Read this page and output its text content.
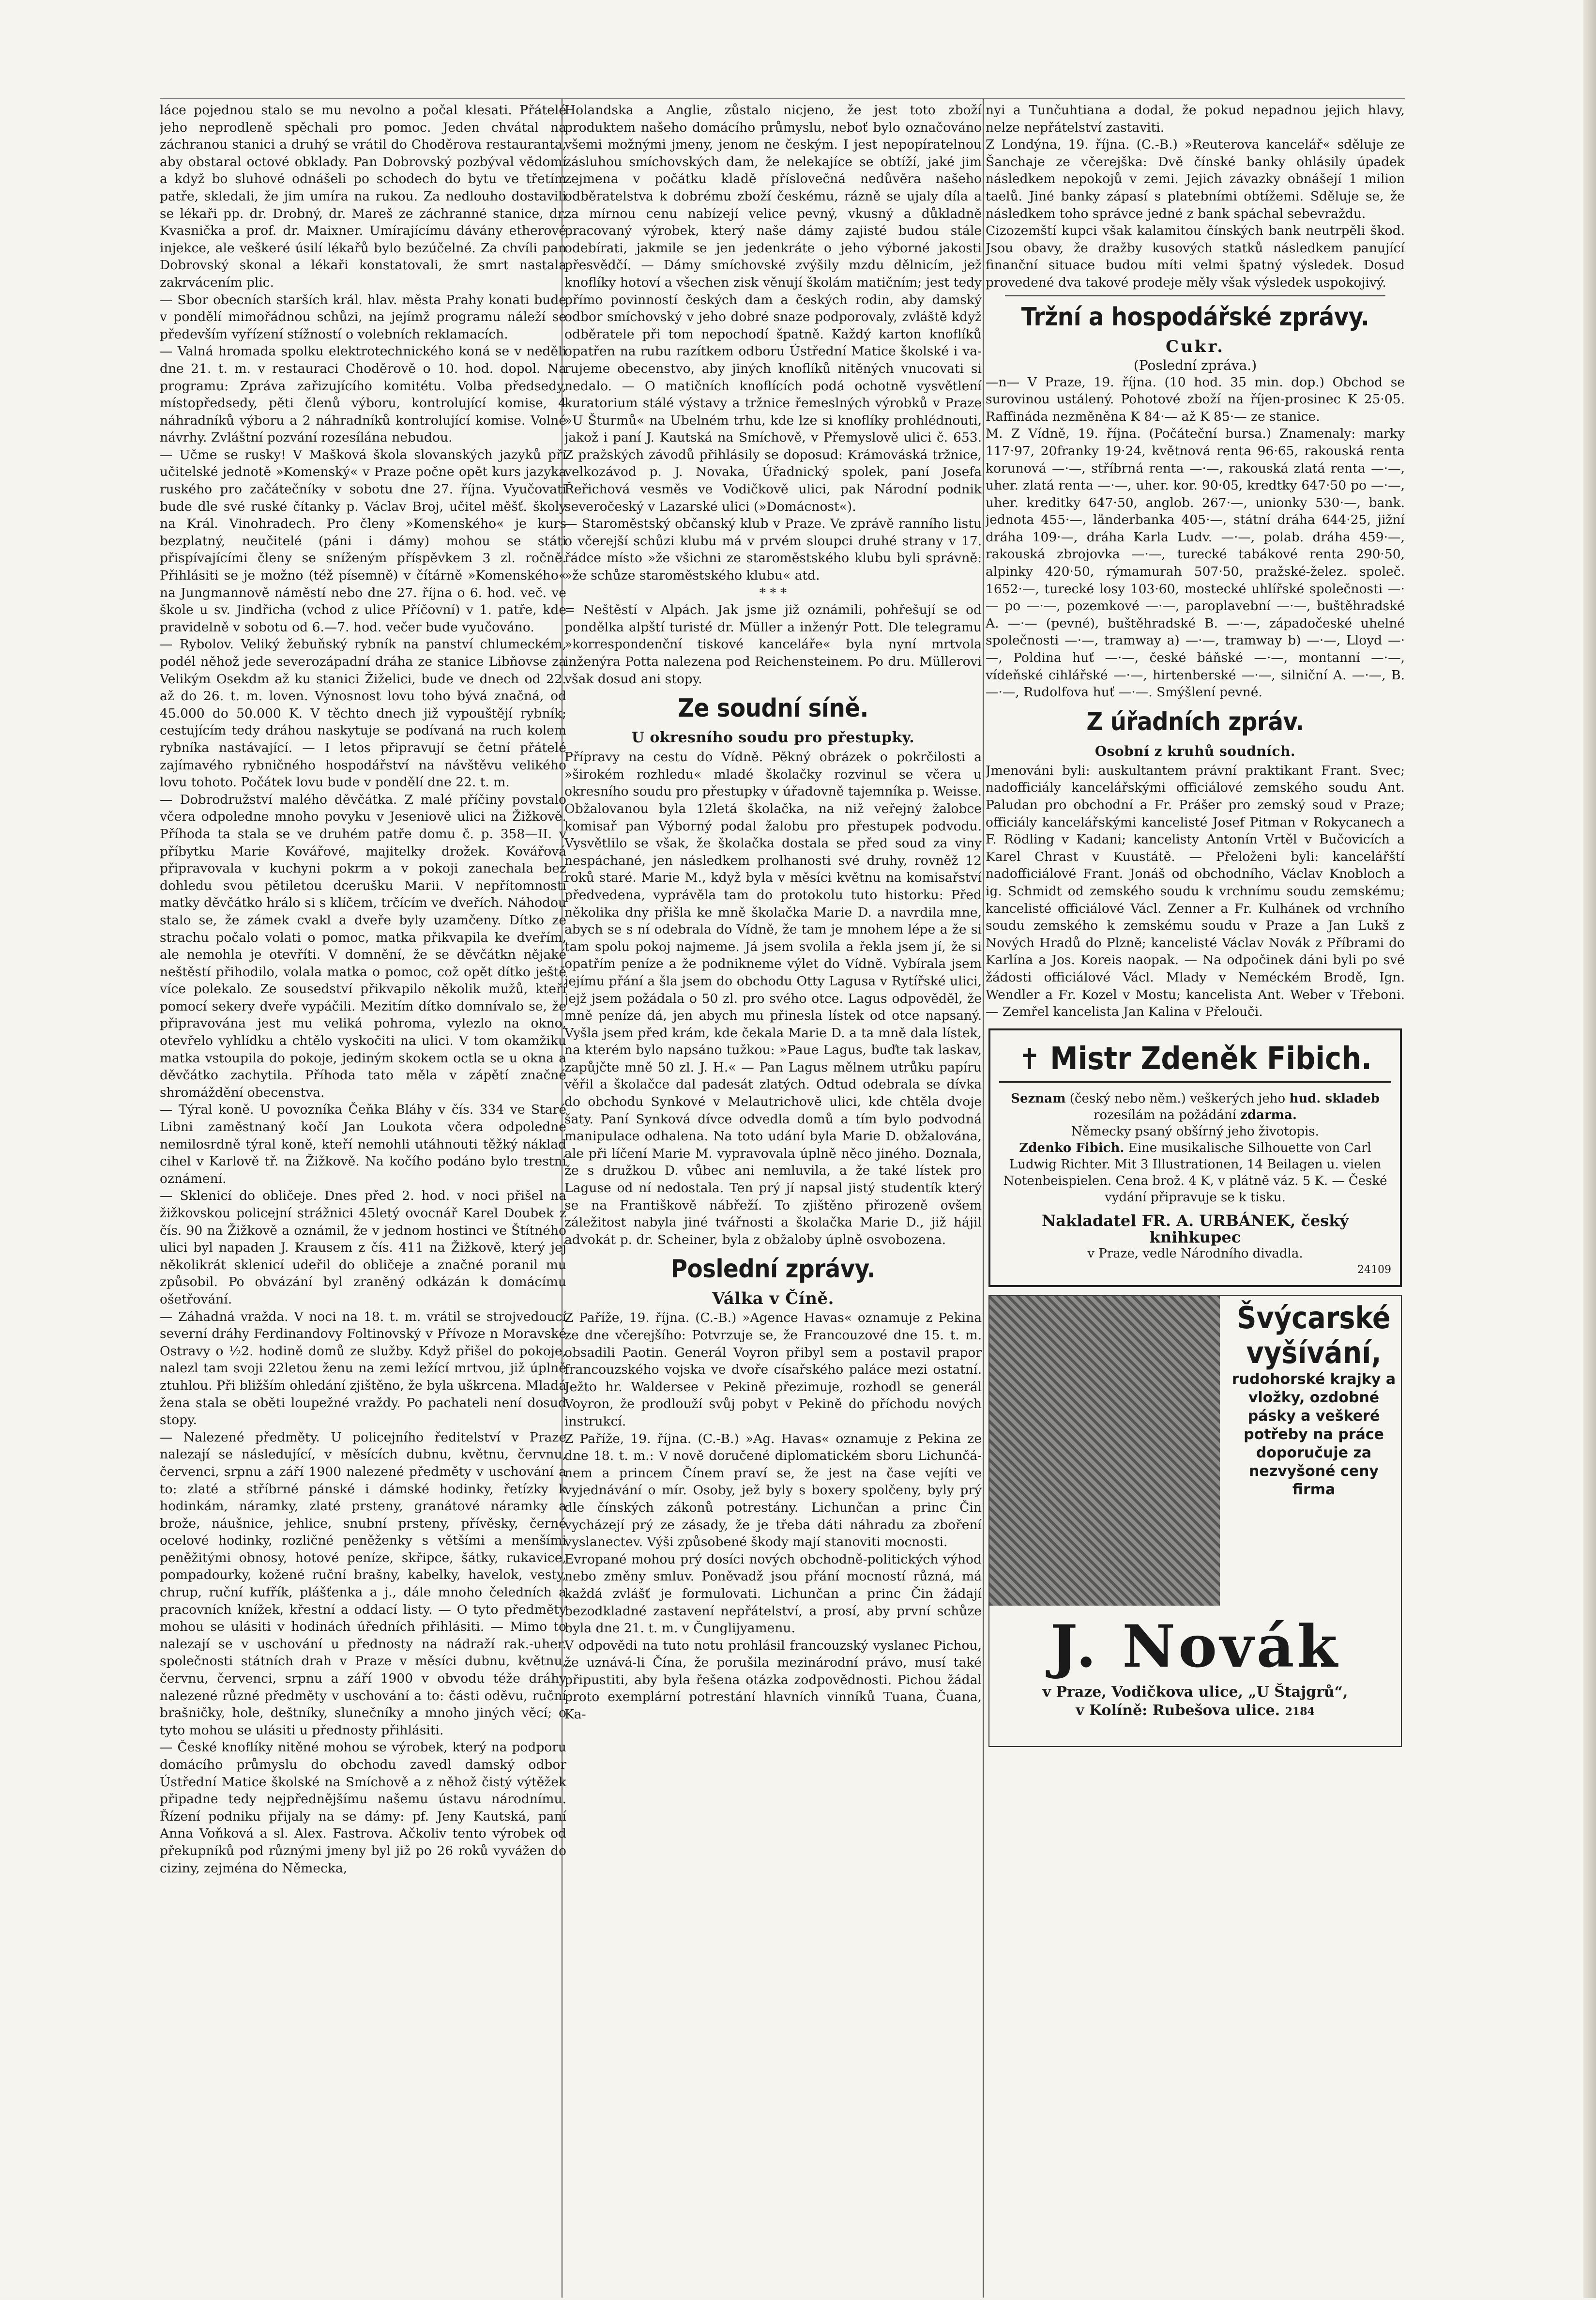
láce pojednou stalo se mu nevolno a počal klesati. Přátelé jeho neprodleně spěchali pro pomoc. Jeden chvátal na záchranou stanici a druhý se vrátil do Choděrova restauranta, aby obstaral octové obklady. Pan Dobrovský pozbýval vědomí a když bo sluhové odnášeli po schodech do bytu ve třetím patře, skledali, že jim umíra na rukou. Za nedlouho dostavili se lékaři pp. dr. Drobný, dr. Mareš ze záchranné stanice, dr. Kvasnička a prof. dr. Maixner. Umírajícímu dávány etherové injekce, ale veškeré úsilí lékařů bylo bezúčelné. Za chvíli pan Dobrovský skonal a lékaři konstatovali, že smrt nastala zakrvácením plic.

— Sbor obecních starších král. hlav. města Prahy konati bude v pondělí mimořádnou schůzi, na jejímž programu náleží se především vyřízení stížností o volebních reklamacích.

— Valná hromada spolku elektrotechnického koná se v neděli dne 21. t. m. v restauraci Choděrově o 10. hod. dopol. Na programu: Zpráva zařizujícího komitétu. Volba předsedy, místopředsedy, pěti členů výboru, kontrolující komise, 4 náhradníků výboru a 2 náhradníků kontrolující komise. Volné návrhy. Zvláštní pozvání rozesílána nebudou.

— Učme se rusky! V Mašková škola slovanských jazyků při učitelské jednotě »Komenský« v Praze počne opět kurs jazyka ruského pro začátečníky v sobotu dne 27. října. Vyučovati bude dle své ruské čítanky p. Václav Broj, učitel měšť. školy na Král. Vinohradech. Pro členy »Komenského« je kurs bezplatný, neučitelé (páni i dámy) mohou se státi přispívajícími členy se sníženým příspěvkem 3 zl. ročně. Přihlásiti se je možno (též písemně) v čítárně »Komenského« na Jungmannově náměstí nebo dne 27. října o 6. hod. več. ve škole u sv. Jindřicha (vchod z ulice Příčovní) v 1. patře, kde pravidelně v sobotu od 6.—7. hod. večer bude vyučováno.

— Rybolov. Veliký žebuňský rybník na panství chlumeckém, podél něhož jede severozápadní dráha ze stanice Libňovse za Velikým Osekdm až ku stanici Žiželici, bude ve dnech od 22. až do 26. t. m. loven. Výnosnost lovu toho bývá značná, od 45.000 do 50.000 K. V těchto dnech již vypouštějí rybník; cestujícím tedy dráhou naskytuje se podívaná na ruch kolem rybníka nastávající. — I letos připravují se četní přátelé zajímavého rybničného hospodářství na návštěvu velikého lovu tohoto. Počátek lovu bude v pondělí dne 22. t. m.

— Dobrodružství malého děvčátka. Z malé příčiny povstalo včera odpoledne mnoho povyku v Jeseniově ulici na Žižkově. Příhoda ta stala se ve druhém patře domu č. p. 358—II. v příbytku Marie Kovářové, majitelky drožek. Kovářová připravovala v kuchyni pokrm a v pokoji zanechala bez dohledu svou pětiletou dcerušku Marii. V nepřítomnosti matky děvčátko hrálo si s klíčem, trčícím ve dveřích. Náhodou stalo se, že zámek cvakl a dveře byly uzamčeny. Dítko ze strachu počalo volati o pomoc, matka přikvapila ke dveřím, ale nemohla je otevříti. V domnění, že se děvčátkn nějaké neštěstí přihodilo, volala matka o pomoc, což opět dítko ještě více polekalo. Ze sousedství přikvapilo několik mužů, kteří pomocí sekery dveře vypáčili. Mezitím dítko domnívalo se, že připravována jest mu veliká pohroma, vylezlo na okno, otevřelo vyhlídku a chtělo vyskočiti na ulici. V tom okamžiku matka vstoupila do pokoje, jediným skokem octla se u okna a děvčátko zachytila. Příhoda tato měla v zápětí značné shromáždění obecenstva.

— Týral koně. U povozníka Čeňka Bláhy v čís. 334 ve Staré Libni zaměstnaný kočí Jan Loukota včera odpoledne nemilosrdně týral koně, kteří nemohli utáhnouti těžký náklad cihel v Karlově tř. na Žižkově. Na kočího podáno bylo trestní oznámení.

— Sklenicí do obličeje. Dnes před 2. hod. v noci přišel na žižkovskou policejní strážnici 45letý ovocnář Karel Doubek z čís. 90 na Žižkově a oznámil, že v jednom hostinci ve Štítného ulici byl napaden J. Krausem z čís. 411 na Žižkově, který jej několikrát sklenicí udeřil do obličeje a značné poranil mu způsobil. Po obvázání byl zraněný odkázán k domácímu ošetřování.

— Záhadná vražda. V noci na 18. t. m. vrátil se strojvedoucí severní dráhy Ferdinandovy Foltinovský v Přívoze n Moravské Ostravy o ½2. hodině domů ze služby. Když přišel do pokoje, nalezl tam svoji 22letou ženu na zemi ležící mrtvou, již úplně ztuhlou. Při bližším ohledání zjištěno, že byla uškrcena. Mladá žena stala se oběti loupežné vraždy. Po pachateli není dosud stopy.

— Nalezené předměty. U policejního ředitelství v Praze nalezají se následující, v měsících dubnu, květnu, červnu, červenci, srpnu a září 1900 nalezené předměty v uschování a to: zlaté a stříbrné pánské i dámské hodinky, řetízky k hodinkám, náramky, zlaté prsteny, granátové náramky a brože, náušnice, jehlice, snubní prsteny, přívěsky, černé ocelové hodinky, rozličné peněženky s většími a menšími peněžitými obnosy, hotové peníze, skřipce, šátky, rukavice, pompadourky, kožené ruční brašny, kabelky, havelok, vesty, chrup, ruční kufřík, plášťenka a j., dále mnoho čeledních a pracovních knížek, křestní a oddací listy. — O tyto předměty mohou se ulásiti v hodinách úředních přihlásiti. — Mimo to nalezají se v uschování u přednosty na nádraží rak.-uher. společnosti státních drah v Praze v měsíci dubnu, květnu, červnu, červenci, srpnu a září 1900 v obvodu téže dráhy nalezené různé předměty v uschování a to: části oděvu, ruční brašničky, hole, deštníky, slunečníky a mnoho jiných věcí; o tyto mohou se ulásiti u přednosty přihlásiti.

— České knoflíky nitěné mohou se výrobek, který na podporu domácího průmyslu do obchodu zavedl damský odbor Ústřední Matice školské na Smíchově a z něhož čistý výtěžek připadne tedy nejpřednějšímu našemu ústavu národnímu. Řízení podniku přijaly na se dámy: pf. Jeny Kautská, paní Anna Voňková a sl. Alex. Fastrova. Ačkoliv tento výrobek od překupníků pod různými jmeny byl již po 26 roků vyvážen do ciziny, zejména do Německa,

Holandska a Anglie, zůstalo nicjeno, že jest toto zboží produktem našeho domácího průmyslu, neboť bylo označováno všemi možnými jmeny, jenom ne českým. I jest nepopíratelnou zásluhou smíchovských dam, že nelekajíce se obtíží, jaké jim zejmena v počátku kladě příslovečná nedůvěra našeho odběratelstva k dobrému zboží českému, rázně se ujaly díla a za mírnou cenu nabízejí velice pevný, vkusný a důkladně pracovaný výrobek, který naše dámy zajisté budou stále odebírati, jakmile se jen jedenkráte o jeho výborné jakosti přesvědčí. — Dámy smíchovské zvýšily mzdu dělnicím, jež knoflíky hotoví a všechen zisk věnují školám matičním; jest tedy přímo povinností českých dam a českých rodin, aby damský odbor smíchovský v jeho dobré snaze podporovaly, zvláště když odběratele při tom nepochodí špatně. Každý karton knoflíků opatřen na rubu razítkem odboru Ústřední Matice školské i varujeme obecenstvo, aby jiných knoflíků nitěných vnucovati si nedalo. — O matičních knoflících podá ochotně vysvětlení kuratorium stálé výstavy a tržnice řemeslných výrobků v Praze »U Šturmů« na Ubelném trhu, kde lze si knoflíky prohlédnouti, jakož i paní J. Kautská na Smíchově, v Přemyslově ulici č. 653. Z pražských závodů přihlásily se doposud: Krámováská tržnice, velkozávod p. J. Novaka, Úřadnický spolek, paní Josefa Řeřichová vesměs ve Vodičkově ulici, pak Národní podnik severočeský v Lazarské ulici (»Domácnost«).

— Staroměstský občanský klub v Praze. Ve zprávě ranního listu o včerejší schůzi klubu má v prvém sloupci druhé strany v 17. řádce místo »že všichni ze staroměstského klubu byli správně: »že schůze staroměstského klubu« atd.

* * *

= Neštěstí v Alpách. Jak jsme již oznámili, pohřešují se od pondělka alpští turisté dr. Müller a inženýr Pott. Dle telegramu »korrespondenční tiskové kanceláře« byla nyní mrtvola inženýra Potta nalezena pod Reichensteinem. Po dru. Müllerovi však dosud ani stopy.

Ze soudní síně.
U okresního soudu pro přestupky.

Přípravy na cestu do Vídně. Pěkný obrázek o pokrčilosti a »širokém rozhledu« mladé školačky rozvinul se včera u okresního soudu pro přestupky v úřadovně tajemníka p. Weisse. Obžalovanou byla 12letá školačka, na niž veřejný žalobce komisař pan Výborný podal žalobu pro přestupek podvodu. Vysvětlilo se však, že školačka dostala se před soud za viny nespáchané, jen následkem prolhanosti své druhy, rovněž 12 roků staré. Marie M., když byla v měsíci květnu na komisařství předvedena, vyprávěla tam do protokolu tuto historku: Před několika dny přišla ke mně školačka Marie D. a navrdila mne, abych se s ní odebrala do Vídně, že tam je mnohem lépe a že si tam spolu pokoj najmeme. Já jsem svolila a řekla jsem jí, že si opatřím peníze a že podnikneme výlet do Vídně. Vybírala jsem jejímu přání a šla jsem do obchodu Otty Lagusa v Rytířské ulici, jejž jsem požádala o 50 zl. pro svého otce. Lagus odpověděl, že mně peníze dá, jen abych mu přinesla lístek od otce napsaný. Vyšla jsem před krám, kde čekala Marie D. a ta mně dala lístek, na kterém bylo napsáno tužkou: »Paue Lagus, buďte tak laskav, zapůjčte mně 50 zl. J. H.« — Pan Lagus mělnem utrůku papíru věřil a školačce dal padesát zlatých. Odtud odebrala se dívka do obchodu Synkové v Melautrichově ulici, kde chtěla dvoje šaty. Paní Synková dívce odvedla domů a tím bylo podvodná manipulace odhalena. Na toto udání byla Marie D. obžalována, ale při líčení Marie M. vypravovala úplně něco jiného. Doznala, že s družkou D. vůbec ani nemluvila, a že také lístek pro Laguse od ní nedostala. Ten prý jí napsal jistý studentík který se na Františkově nábřeží. To zjištěno přirozeně ovšem záležitost nabyla jiné tvářnosti a školačka Marie D., již hájil advokát p. dr. Scheiner, byla z obžaloby úplně osvobozena.

Poslední zprávy.
Válka v Číně.

Z Paříže, 19. října. (C.-B.) »Agence Havas« oznamuje z Pekina ze dne včerejšího: Potvrzuje se, že Francouzové dne 15. t. m. obsadili Paotin. Generál Voyron přibyl sem a postavil prapor francouzského vojska ve dvoře císařského paláce mezi ostatní. Ježto hr. Waldersee v Pekině přezimuje, rozhodl se generál Voyron, že prodlouží svůj pobyt v Pekině do příchodu nových instrukcí.

Z Paříže, 19. října. (C.-B.) »Ag. Havas« oznamuje z Pekina ze dne 18. t. m.: V nově doručené diplomatickém sboru Lichunčánem a princem Čínem praví se, že jest na čase vejíti ve vyjednávání o mír. Osoby, jež byly s boxery spolčeny, byly prý dle čínských zákonů potrestány. Lichunčan a princ Čin vycházejí prý ze zásady, že je třeba dáti náhradu za zboření vyslanectev. Výši způsobené škody mají stanoviti mocnosti.

Evropané mohou prý dosíci nových obchodně-politických výhod nebo změny smluv. Poněvadž jsou přání mocností různá, má každá zvlášť je formulovati. Lichunčan a princ Čin žádají bezodkladné zastavení nepřátelství, a prosí, aby první schůze byla dne 21. t. m. v Čunglijyamenu.

V odpovědi na tuto notu prohlásil francouzský vyslanec Pichou, že uznává-li Čína, že porušila mezinárodní právo, musí také připustiti, aby byla řešena otázka zodpovědnosti. Pichou žádal proto exemplární potrestání hlavních vinníků Tuana, Čuana, Ka-

nyi a Tunčuhtiana a dodal, že pokud nepadnou jejich hlavy, nelze nepřátelství zastaviti.

Z Londýna, 19. října. (C.-B.) »Reuterova kancelář« sděluje ze Šanchaje ze včerejška: Dvě čínské banky ohlásily úpadek následkem nepokojů v zemi. Jejich závazky obnášejí 1 milion taelů. Jiné banky zápasí s platebními obtížemi. Sděluje se, že následkem toho správce jedné z bank spáchal sebevraždu.

Cizozemští kupci však kalamitou čínských bank neutrpěli škod. Jsou obavy, že dražby kusových statků následkem panující finanční situace budou míti velmi špatný výsledek. Dosud provedené dva takové prodeje měly však výsledek uspokojivý.

Tržní a hospodářské zprávy.
Cukr.
(Poslední zpráva.)

—n— V Praze, 19. října. (10 hod. 35 min. dop.) Obchod se surovinou ustálený. Pohotové zboží na říjen-prosinec K 25·05. Raffináda nezměněna K 84·— až K 85·— ze stanice.

M. Z Vídně, 19. října. (Počáteční bursa.) Znamenaly: marky 117·97, 20franky 19·24, květnová renta 96·65, rakouská renta korunová —·—, stříbrná renta —·—, rakouská zlatá renta —·—, uher. zlatá renta —·—, uher. kor. 90·05, kredtky 647·50 po —·—, uher. kreditky 647·50, anglob. 267·—, unionky 530·—, bank. jednota 455·—, länderbanka 405·—, státní dráha 644·25, jižní dráha 109·—, dráha Karla Ludv. —·—, polab. dráha 459·—, rakouská zbrojovka —·—, turecké tabákové renta 290·50, alpinky 420·50, rýmamurah 507·50, pražské-želez. společ. 1652·—, turecké losy 103·60, mostecké uhlířské společnosti —·— po —·—, pozemkové —·—, paroplavební —·—, buštěhradské A. —·— (pevné), buštěhradské B. —·—, západočeské uhelné společnosti —·—, tramway a) —·—, tramway b) —·—, Lloyd —·—, Poldina huť —·—, české báňské —·—, montanní —·—, vídeňské cihlářské —·—, hirtenberské —·—, silniční A. —·—, B. —·—, Rudolfova huť —·—. Smýšlení pevné.

Z úřadních zpráv.
Osobní z kruhů soudních.

Jmenováni byli: auskultantem právní praktikant Frant. Svec; nadofficiály kancelářskými officiálové zemského soudu Ant. Paludan pro obchodní a Fr. Prášer pro zemský soud v Praze; officiály kancelářskými kancelisté Josef Pitman v Rokycanech a F. Rödling v Kadani; kancelisty Antonín Vrtěl v Bučovicích a Karel Chrast v Kuustátě. — Přeloženi byli: kancelářští nadofficiálové Frant. Jonáš od obchodního, Václav Knobloch a ig. Schmidt od zemského soudu k vrchnímu soudu zemskému; kancelisté officiálové Václ. Zenner a Fr. Kulhánek od vrchního soudu zemského k zemskému soudu v Praze a Jan Lukš z Nových Hradů do Plzně; kancelisté Václav Novák z Příbrami do Karlína a Jos. Koreis naopak. — Na odpočinek dáni byli po své žádosti officiálové Václ. Mlady v Neméckém Brodě, Ign. Wendler a Fr. Kozel v Mostu; kancelista Ant. Weber v Třeboni. — Zemřel kancelista Jan Kalina v Přelouči.

✝ Mistr Zdeněk Fibich.
Seznam (český nebo něm.) veškerých jeho hud. skladeb rozesílám na požádání zdarma.
Německy psaný obšírný jeho životopis.
Zdenko Fibich. Eine musikalische Silhouette von Carl Ludwig Richter. Mit 3 Illustrationen, 14 Beilagen u. vielen Notenbeispielen. Cena brož. 4 K, v plátně váz. 5 K. — České vydání připravuje se k tisku.
Nakladatel FR. A. URBÁNEK, český knihkupec
v Praze, vedle Národního divadla.
24109
Švýcarské vyšívání,
rudohorské krajky a vložky, ozdobné pásky a veškeré potřeby na práce doporučuje za nezvyšoné ceny firma
J. Novák
v Praze, Vodičkova ulice, „U Štajgrů“,
v Kolíně: Rubešova ulice. 2184
